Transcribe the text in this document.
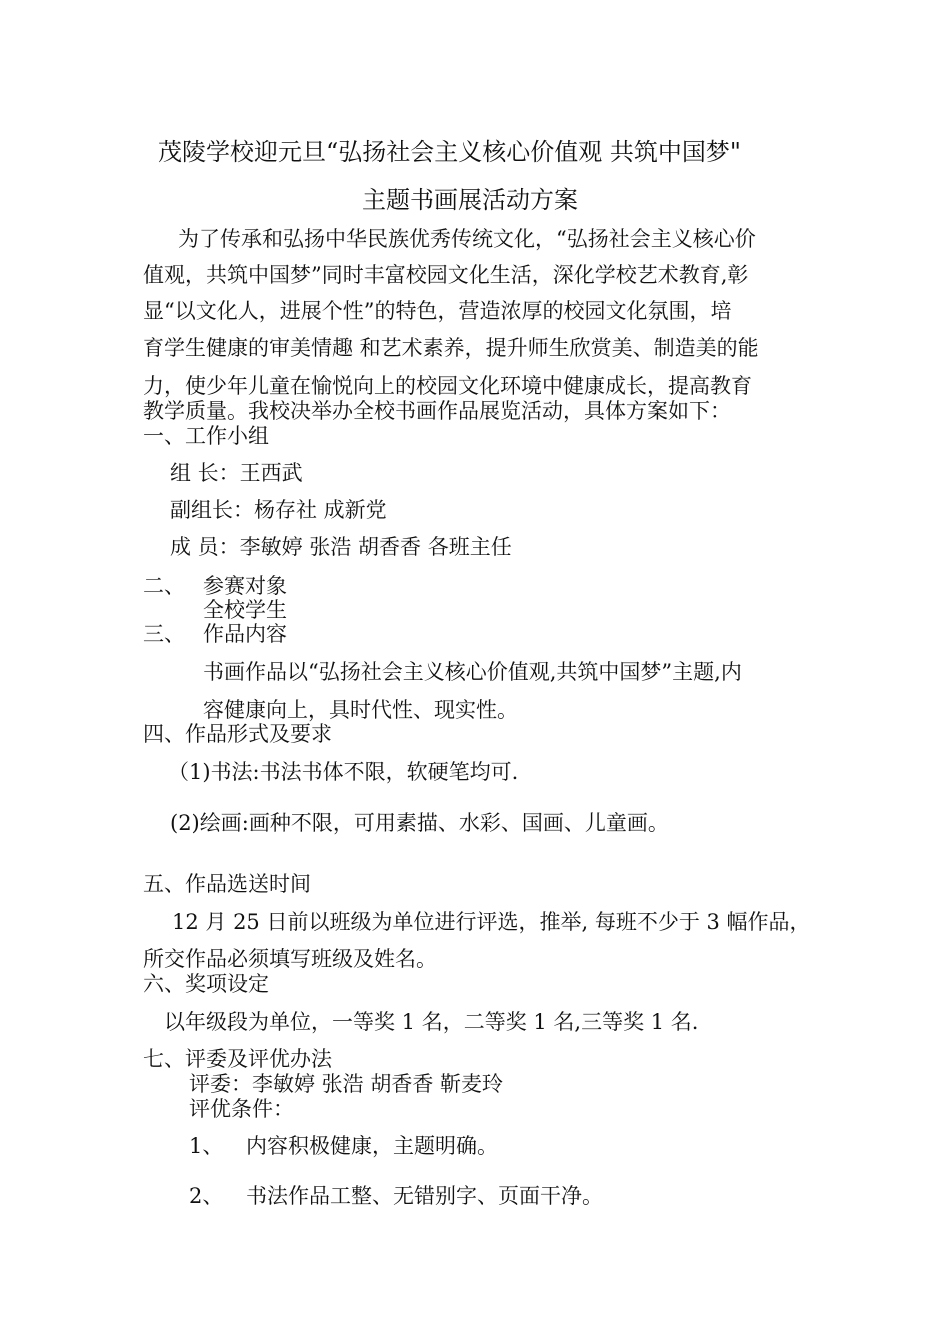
茂陵学校迎元旦“弘扬社会主义核心价值观 共筑中国梦"
主题书画展活动方案
为了传承和弘扬中华民族优秀传统文化，“弘扬社会主义核心价
值观，共筑中国梦”同时丰富校园文化生活，深化学校艺术教育,彰
显“以文化人，进展个性”的特色，营造浓厚的校园文化氛围，培
育学生健康的审美情趣 和艺术素养，提升师生欣赏美、制造美的能
力，使少年儿童在愉悦向上的校园文化环境中健康成长，提高教育
教学质量。我校决举办全校书画作品展览活动，具体方案如下：
一、工作小组
组 长：王西武
副组长：杨存社 成新党
成 员：李敏婷 张浩 胡香香 各班主任
二、 参赛对象
全校学生
三、 作品内容
书画作品以“弘扬社会主义核心价值观,共筑中国梦”主题,内
容健康向上，具时代性、现实性。
四、作品形式及要求
（1)书法:书法书体不限，软硬笔均可.
(2)绘画:画种不限，可用素描、水彩、国画、儿童画。
五、作品选送时间
12 月 25 日前以班级为单位进行评选，推举, 每班不少于 3 幅作品，
所交作品必须填写班级及姓名。
六、奖项设定
以年级段为单位，一等奖 1 名，二等奖 1 名,三等奖 1 名.
七、评委及评优办法
评委：李敏婷 张浩 胡香香 靳麦玲
评优条件：
1、 内容积极健康，主题明确。
2、 书法作品工整、无错别字、页面干净。
